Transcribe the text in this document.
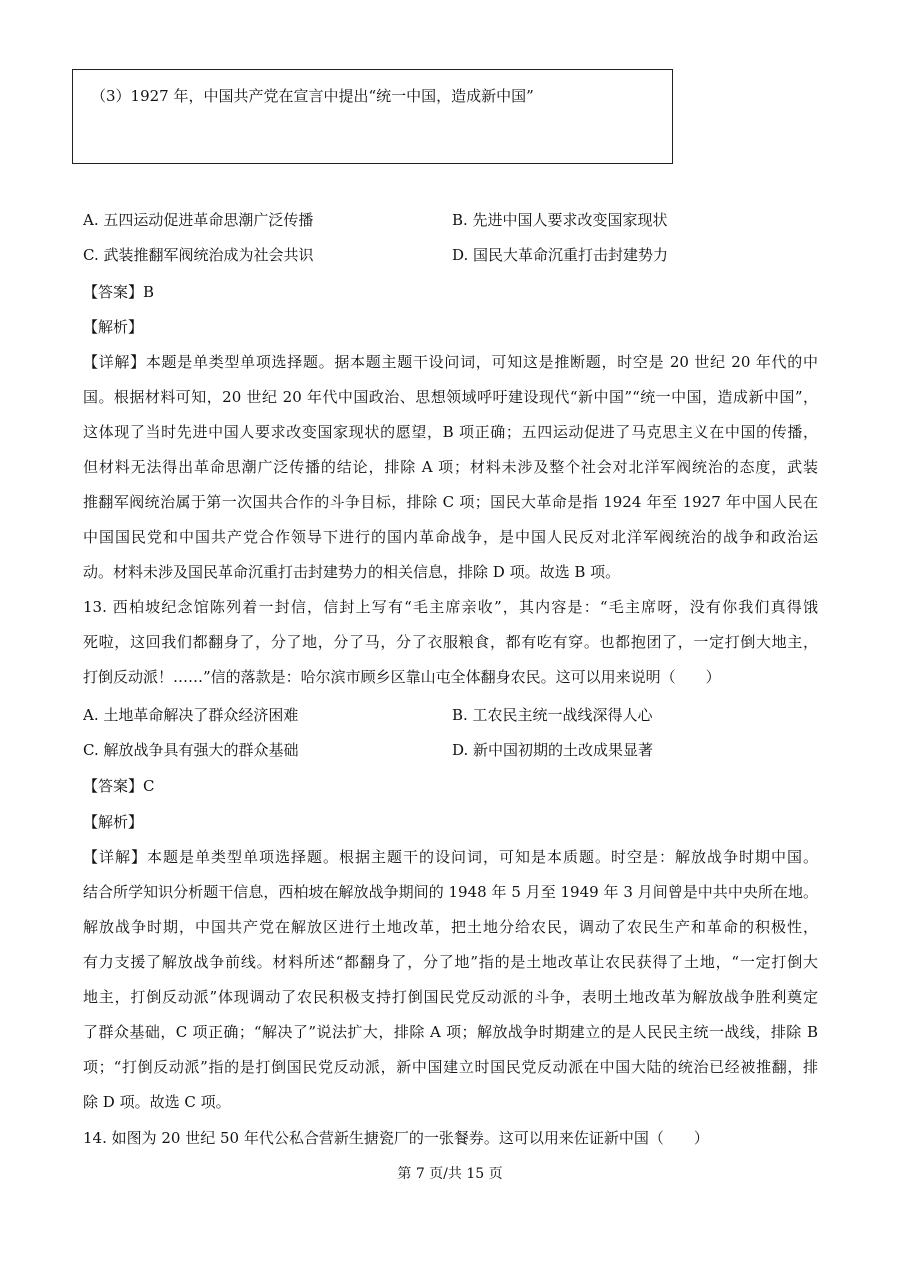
（3）1927 年，中国共产党在宣言中提出“统一中国，造成新中国”
A. 五四运动促进革命思潮广泛传播	B. 先进中国人要求改变国家现状
C. 武装推翻军阀统治成为社会共识	D. 国民大革命沉重打击封建势力
【答案】B
【解析】
【详解】本题是单类型单项选择题。据本题主题干设问词，可知这是推断题，时空是 20 世纪 20 年代的中
国。根据材料可知，20 世纪 20 年代中国政治、思想领域呼吁建设现代“新中国”“统一中国，造成新中国”，
这体现了当时先进中国人要求改变国家现状的愿望，B 项正确；五四运动促进了马克思主义在中国的传播，
但材料无法得出革命思潮广泛传播的结论，排除 A 项；材料未涉及整个社会对北洋军阀统治的态度，武装
推翻军阀统治属于第一次国共合作的斗争目标，排除 C 项；国民大革命是指 1924 年至 1927 年中国人民在
中国国民党和中国共产党合作领导下进行的国内革命战争，是中国人民反对北洋军阀统治的战争和政治运
动。材料未涉及国民革命沉重打击封建势力的相关信息，排除 D 项。故选 B 项。
13. 西柏坡纪念馆陈列着一封信，信封上写有“毛主席亲收”，其内容是：“毛主席呀，没有你我们真得饿
死啦，这回我们都翻身了，分了地，分了马，分了衣服粮食，都有吃有穿。也都抱团了，一定打倒大地主，
打倒反动派！……”信的落款是：哈尔滨市顾乡区靠山屯全体翻身农民。这可以用来说明（　　）
A. 土地革命解决了群众经济困难	B. 工农民主统一战线深得人心
C. 解放战争具有强大的群众基础	D. 新中国初期的土改成果显著
【答案】C
【解析】
【详解】本题是单类型单项选择题。根据主题干的设问词，可知是本质题。时空是：解放战争时期中国。
结合所学知识分析题干信息，西柏坡在解放战争期间的 1948 年 5 月至 1949 年 3 月间曾是中共中央所在地。
解放战争时期，中国共产党在解放区进行土地改革，把土地分给农民，调动了农民生产和革命的积极性，
有力支援了解放战争前线。材料所述“都翻身了，分了地”指的是土地改革让农民获得了土地，“一定打倒大
地主，打倒反动派”体现调动了农民积极支持打倒国民党反动派的斗争，表明土地改革为解放战争胜利奠定
了群众基础，C 项正确；“解决了”说法扩大，排除 A 项；解放战争时期建立的是人民民主统一战线，排除 B
项；“打倒反动派”指的是打倒国民党反动派，新中国建立时国民党反动派在中国大陆的统治已经被推翻，排
除 D 项。故选 C 项。
14. 如图为 20 世纪 50 年代公私合营新生搪瓷厂的一张餐券。这可以用来佐证新中国（　　）
第 7 页/共 15 页
